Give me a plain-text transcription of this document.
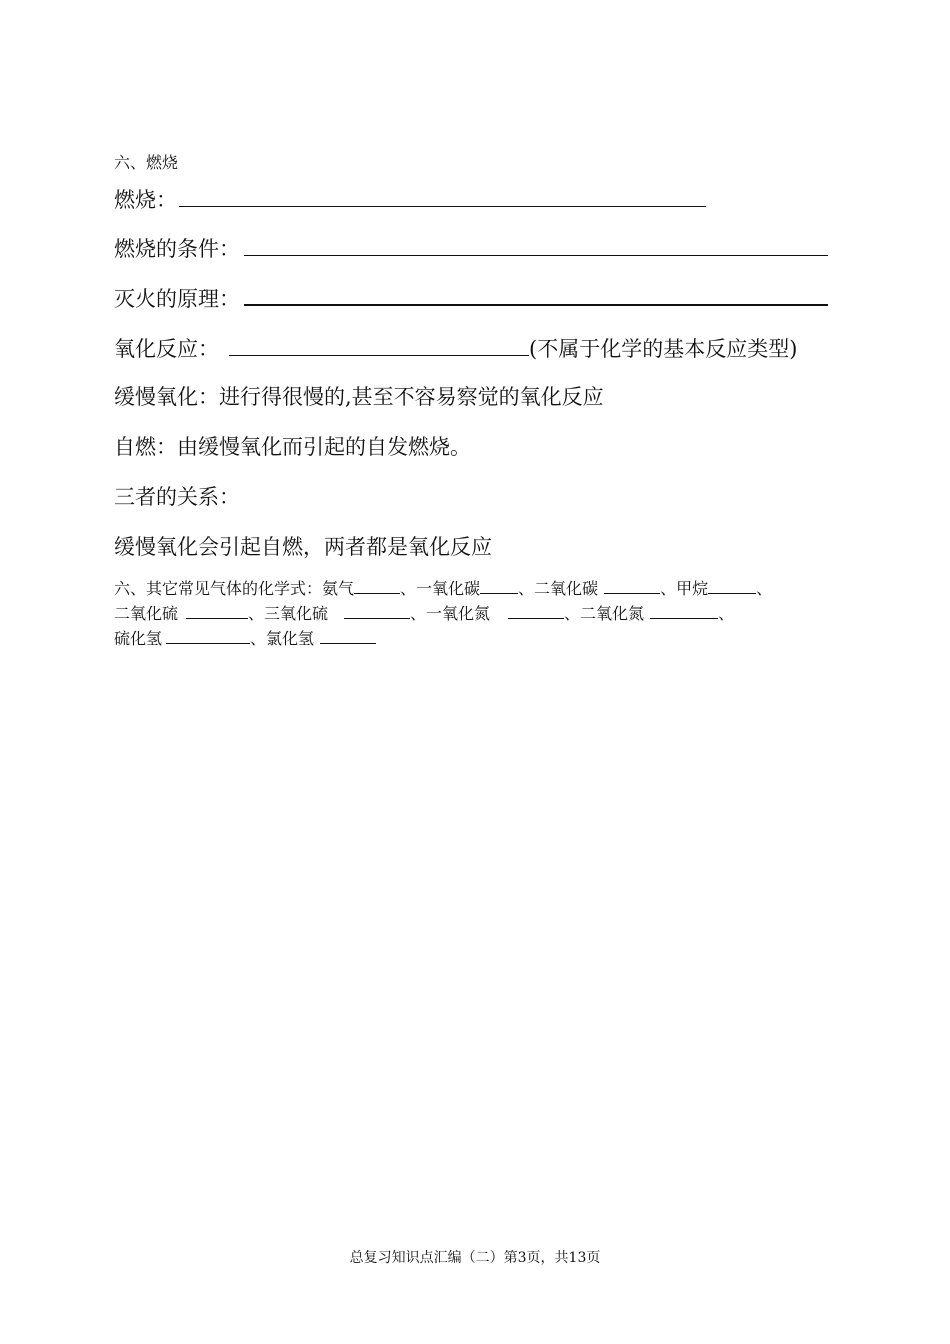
六、燃烧
燃烧：
燃烧的条件：
灭火的原理：
氧化反应：	(不属于化学的基本反应类型)
缓慢氧化：进行得很慢的,甚至不容易察觉的氧化反应
自燃：由缓慢氧化而引起的自发燃烧。
三者的关系：
缓慢氧化会引起自燃，两者都是氧化反应
六、其它常见气体的化学式：氨气	、一氧化碳 、二氧化碳	、甲烷	、
二氧化硫	、三氧化硫	、一氧化氮	、二氧化氮	、
硫化氢	、氯化氢
总复习知识点汇编（二）第3页，共13页
